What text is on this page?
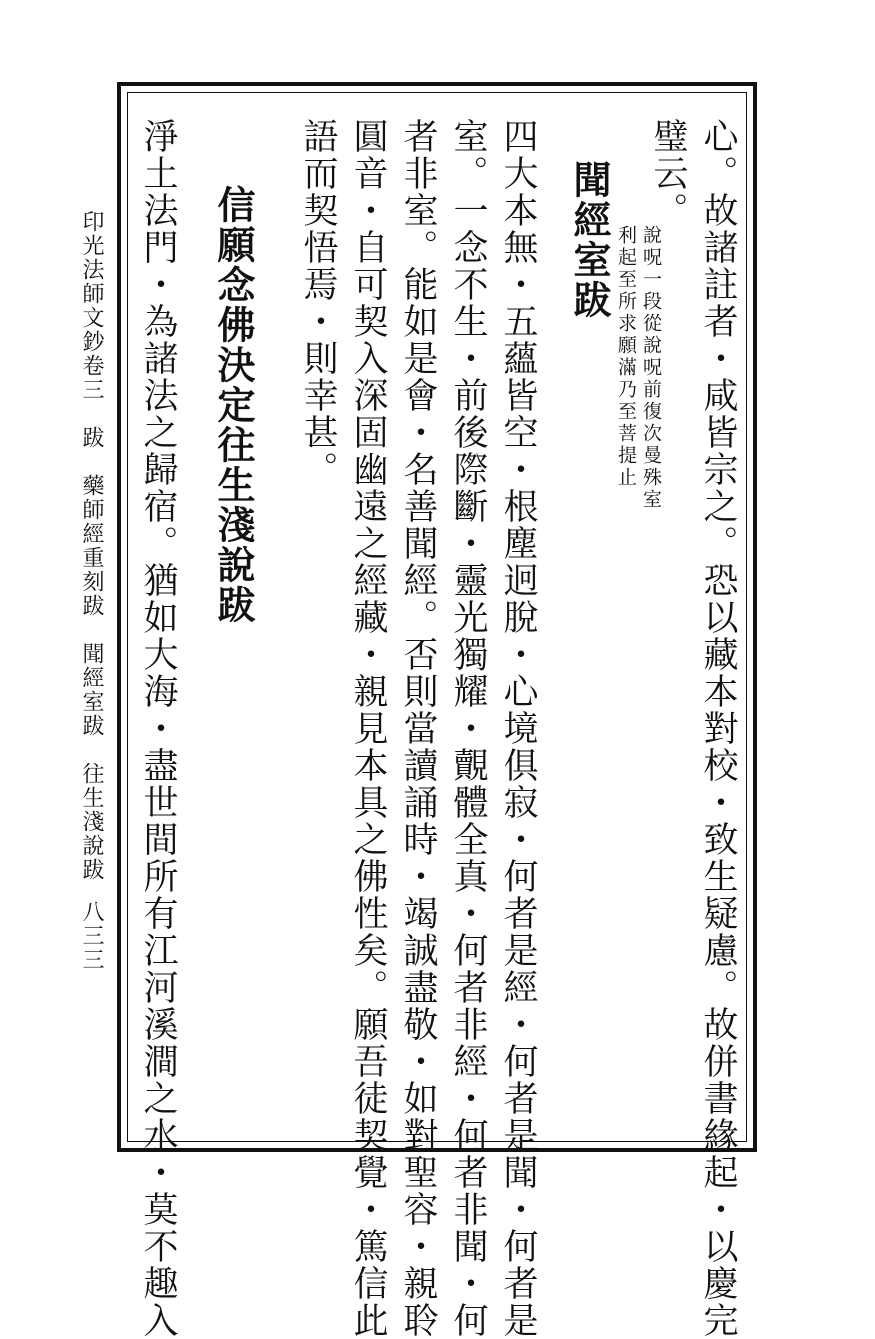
心。故諸註者・咸皆宗之。恐以藏本對校・致生疑慮。故併書緣起・以慶完
璧云。
說呪一段從說呪前復次曼殊室
利起至所求願滿乃至菩提止
聞經室跋
四大本無・五蘊皆空・根塵迥脫・心境俱寂・何者是經・何者是聞・何者是
室。一念不生・前後際斷・靈光獨耀・覿體全真・何者非經・何者非聞・何
者非室。能如是會・名善聞經。否則當讀誦時・竭誠盡敬・如對聖容・親聆
圓音・自可契入深固幽遠之經藏・親見本具之佛性矣。願吾徒契覺・篤信此
語而契悟焉・則幸甚。
信願念佛決定往生淺說跋
淨土法門・為諸法之歸宿。猶如大海・盡世間所有江河溪澗之水・莫不趣入
印光法師文鈔卷三　跋　藥師經重刻跋　聞經室跋　往生淺說跋
八三三
